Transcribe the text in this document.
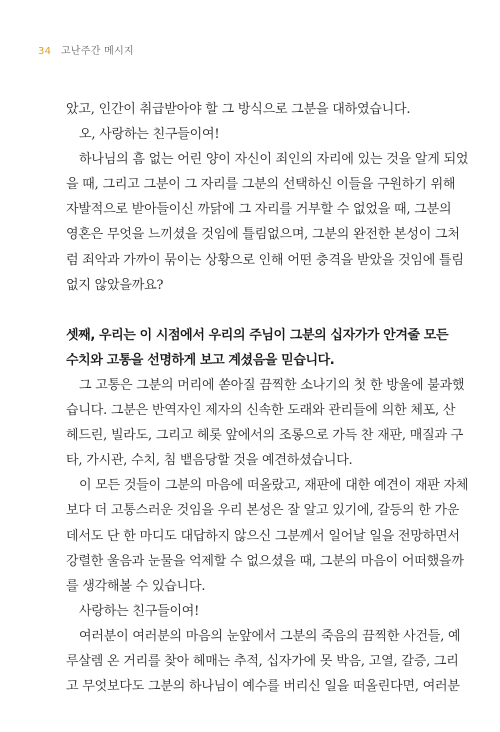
34 고난주간 메시지
았고, 인간이 취급받아야 할 그 방식으로 그분을 대하였습니다.
오, 사랑하는 친구들이여!
하나님의 흠 없는 어린 양이 자신이 죄인의 자리에 있는 것을 알게 되었
을 때, 그리고 그분이 그 자리를 그분의 선택하신 이들을 구원하기 위해
자발적으로 받아들이신 까닭에 그 자리를 거부할 수 없었을 때, 그분의
영혼은 무엇을 느끼셨을 것임에 틀림없으며, 그분의 완전한 본성이 그처
럼 죄악과 가까이 묶이는 상황으로 인해 어떤 충격을 받았을 것임에 틀림
없지 않았을까요?
셋째, 우리는 이 시점에서 우리의 주님이 그분의 십자가가 안겨줄 모든
수치와 고통을 선명하게 보고 계셨음을 믿습니다.
그 고통은 그분의 머리에 쏟아질 끔찍한 소나기의 첫 한 방울에 불과했
습니다. 그분은 반역자인 제자의 신속한 도래와 관리들에 의한 체포, 산
헤드린, 빌라도, 그리고 헤롯 앞에서의 조롱으로 가득 찬 재판, 매질과 구
타, 가시관, 수치, 침 뱉음당할 것을 예견하셨습니다.
이 모든 것들이 그분의 마음에 떠올랐고, 재판에 대한 예견이 재판 자체
보다 더 고통스러운 것임을 우리 본성은 잘 알고 있기에, 갈등의 한 가운
데서도 단 한 마디도 대답하지 않으신 그분께서 일어날 일을 전망하면서
강렬한 울음과 눈물을 억제할 수 없으셨을 때, 그분의 마음이 어떠했을까
를 생각해볼 수 있습니다.
사랑하는 친구들이여!
여러분이 여러분의 마음의 눈앞에서 그분의 죽음의 끔찍한 사건들, 예
루살렘 온 거리를 찾아 헤매는 추적, 십자가에 못 박음, 고열, 갈증, 그리
고 무엇보다도 그분의 하나님이 예수를 버리신 일을 떠올린다면, 여러분
